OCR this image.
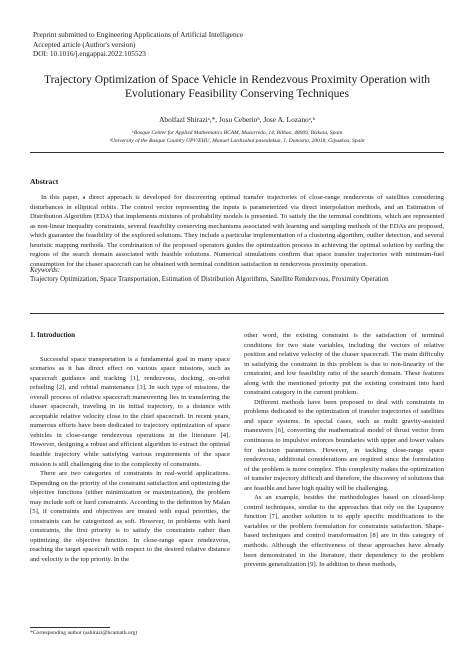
Preprint submitted to Engineering Applications of Artificial Intelligence
Accepted article (Author's version)
DOI: 10.1016/j.engappai.2022.105523
Trajectory Optimization of Space Vehicle in Rendezvous Proximity Operation with Evolutionary Feasibility Conserving Techniques
Abolfazl Shiraziᵃ,*, Josu Ceberioᵇ, Jose A. Lozanoᵃ,ᵇ
ᵃBasque Center for Applied Mathematics BCAM, Mazarredo, 14, Bilbao, 48009, Bizkaia, Spain
ᵇUniversity of the Basque Country UPV/EHU, Manuel Lardizabal pasealekua, 1, Donostia, 20018, Gipuzkoa, Spain
Abstract
In this paper, a direct approach is developed for discovering optimal transfer trajectories of close-range rendezvous of satellites considering disturbances in elliptical orbits. The control vector representing the inputs is parameterized via direct interpolation methods, and an Estimation of Distribution Algorithm (EDA) that implements mixtures of probability models is presented. To satisfy the the terminal conditions, which are represented as non-linear inequality constraints, several feasibility conserving mechanisms associated with learning and sampling methods of the EDAs are proposed, which guarantee the feasibility of the explored solutions. They include a particular implementation of a clustering algorithm, outlier detection, and several heuristic mapping methods. The combination of the proposed operators guides the optimization process in achieving the optimal solution by surfing the regions of the search domain associated with feasible solutions. Numerical simulations confirm that space transfer trajectories with minimum-fuel consumption for the chaser spacecraft can be obtained with terminal condition satisfaction in rendezvous proximity operation.
Keywords:
Trajectory Optimization, Space Transportation, Estimation of Distribution Algorithms, Satellite Rendezvous, Proximity Operation
1. Introduction

Successful space transportation is a fundamental goal in many space scenarios as it has direct effect on various space missions, such as spacecraft guidance and tracking [1], rendezvous, docking, on-orbit refueling [2], and orbital maintenance [3]. In such type of missions, the overall process of relative spacecraft maneuvering lies in transferring the chaser spacecraft, traveling in its initial trajectory, to a distance with acceptable relative velocity close to the chief spacecraft. In recent years, numerous efforts have been dedicated to trajectory optimization of space vehicles in close-range rendezvous operations in the literature [4]. However, designing a robust and efficient algorithm to extract the optimal feasible trajectory while satisfying various requirements of the space mission is still challenging due to the complexity of constraints.

There are two categories of constraints in real-world applications. Depending on the priority of the constraint satisfaction and optimizing the objective functions (either minimization or maximization), the problem may include soft or hard constraints. According to the definition by Malan [5], if constraints and objectives are treated with equal priorities, the constraints can be categorized as soft. However, in problems with hard constraints, the first priority is to satisfy the constraints rather than optimizing the objective function. In close-range space rendezvous, reaching the target spacecraft with respect to the desired relative distance and velocity is the top priority. In the

other word, the existing constraint is the satisfaction of terminal conditions for two state variables, including the vectors of relative position and relative velocity of the chaser spacecraft. The main difficulty in satisfying the constraint in this problem is due to non-linearity of the constraint, and low feasibility ratio of the search domain. These features along with the mentioned priority put the existing constraint into hard constraint category in the current problem.

Different methods have been proposed to deal with constraints in problems dedicated to the optimization of transfer trajectories of satellites and space systems. In special cases, such as multi gravity-assisted maneuvers [6], converting the mathematical model of thrust vector from continuous to impulsive enforces boundaries with upper and lower values for decision parameters. However, in tackling close-range space rendezvous, additional considerations are required since the formulation of the problem is more complex. This complexity makes the optimization of transfer trajectory difficult and therefore, the discovery of solutions that are feasible and have high quality will be challenging.

As an example, besides the methodologies based on closed-loop control techniques, similar to the approaches that rely on the Lyapunov function [7], another solution is to apply specific modifications to the variables or the problem formulation for constraints satisfaction. Shape-based techniques and control transformation [8] are in this category of methods. Although the effectiveness of these approaches have already been demonstrated in the literature, their dependency to the problem prevents generalization [9]. In addition to these methods,

*Corresponding author (ashirazi@bcamath.org)
